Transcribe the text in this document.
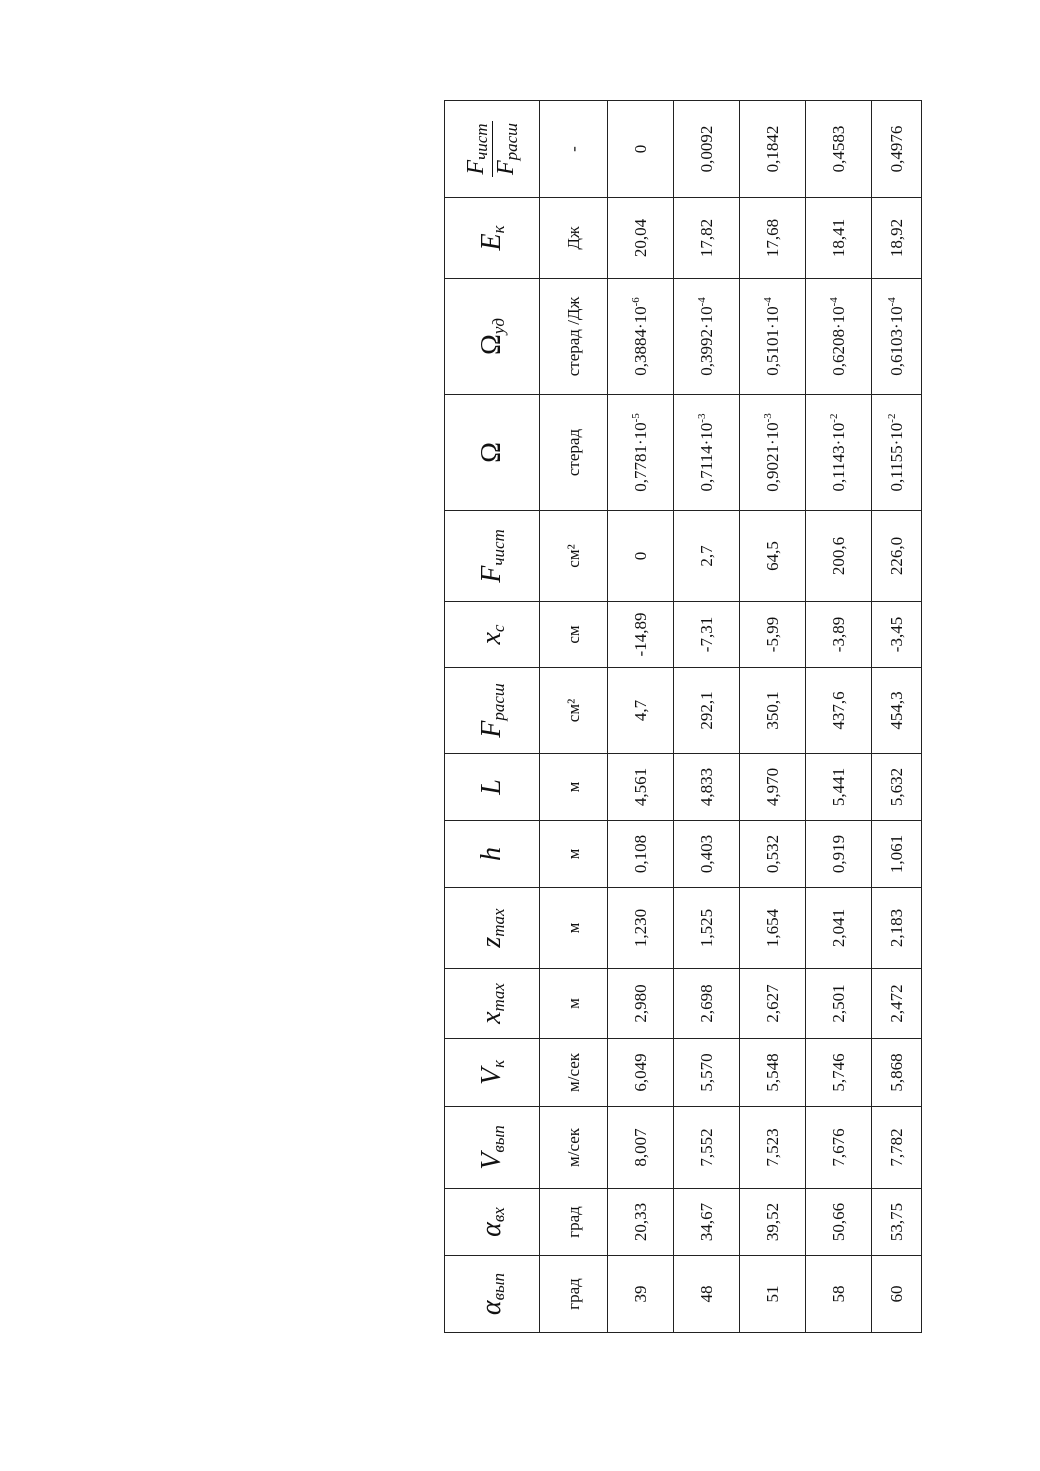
$\alpha_{вып}$	$\alpha_{вх}$	$V_{вып}$	$V_к$	$x_{max}$	$z_{max}$	h	L	$F_{расш}$	$x_c$	$F_{чист}$	Ω	$\Omega_{уд}$	$E_к$	$F_{чист}$
$F_{расш}$

град	град	м/сек	м/сек	м	м	м	м	см²	см	см²	стерад	стерад /Дж	Дж	-
39	20,33	8,007	6,049	2,980	1,230	0,108	4,561	4,7	-14,89	0	$0,7781\cdot 10^{-5}$	$0,3884\cdot 10^{-6}$	20,04	0
48	34,67	7,552	5,570	2,698	1,525	0,403	4,833	292,1	-7,31	2,7	$0,7114\cdot 10^{-3}$	$0,3992\cdot 10^{-4}$	17,82	0,0092
51	39,52	7,523	5,548	2,627	1,654	0,532	4,970	350,1	-5,99	64,5	$0,9021\cdot 10^{-3}$	$0,5101\cdot 10^{-4}$	17,68	0,1842
58	50,66	7,676	5,746	2,501	2,041	0,919	5,441	437,6	-3,89	200,6	$0,1143\cdot 10^{-2}$	$0,6208\cdot 10^{-4}$	18,41	0,4583
60	53,75	7,782	5,868	2,472	2,183	1,061	5,632	454,3	-3,45	226,0	$0,1155\cdot 10^{-2}$	$0,6103\cdot 10^{-4}$	18,92	0,4976
